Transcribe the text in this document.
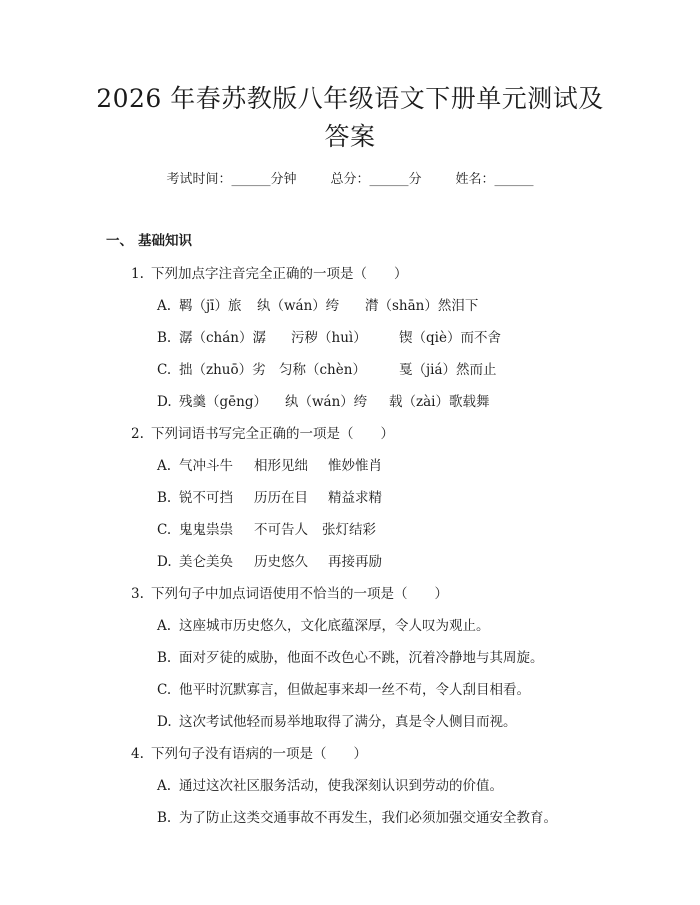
2026 年春苏教版八年级语文下册单元测试及
答案
考试时间：______分钟	总分：______分	姓名：______
一、 基础知识
1. 下列加点字注音完全正确的一项是（　　）
A. 羁（jī）旅 纨（wán）绔 潸（shān）然泪下
B. 潺（chán）潺 污秽（huì） 锲（qiè）而不舍
C. 拙（zhuō）劣 匀称（chèn） 戛（jiá）然而止
D. 残羹（gēng） 纨（wán）绔 载（zài）歌载舞
2. 下列词语书写完全正确的一项是（　　）
A. 气冲斗牛 相形见绌 惟妙惟肖
B. 锐不可挡 历历在目 精益求精
C. 鬼鬼祟祟 不可告人 张灯结彩
D. 美仑美奂 历史悠久 再接再励
3. 下列句子中加点词语使用不恰当的一项是（　　）
A. 这座城市历史悠久，文化底蕴深厚，令人叹为观止。
B. 面对歹徒的威胁，他面不改色心不跳，沉着冷静地与其周旋。
C. 他平时沉默寡言，但做起事来却一丝不苟，令人刮目相看。
D. 这次考试他轻而易举地取得了满分，真是令人侧目而视。
4. 下列句子没有语病的一项是（　　）
A. 通过这次社区服务活动，使我深刻认识到劳动的价值。
B. 为了防止这类交通事故不再发生，我们必须加强交通安全教育。
